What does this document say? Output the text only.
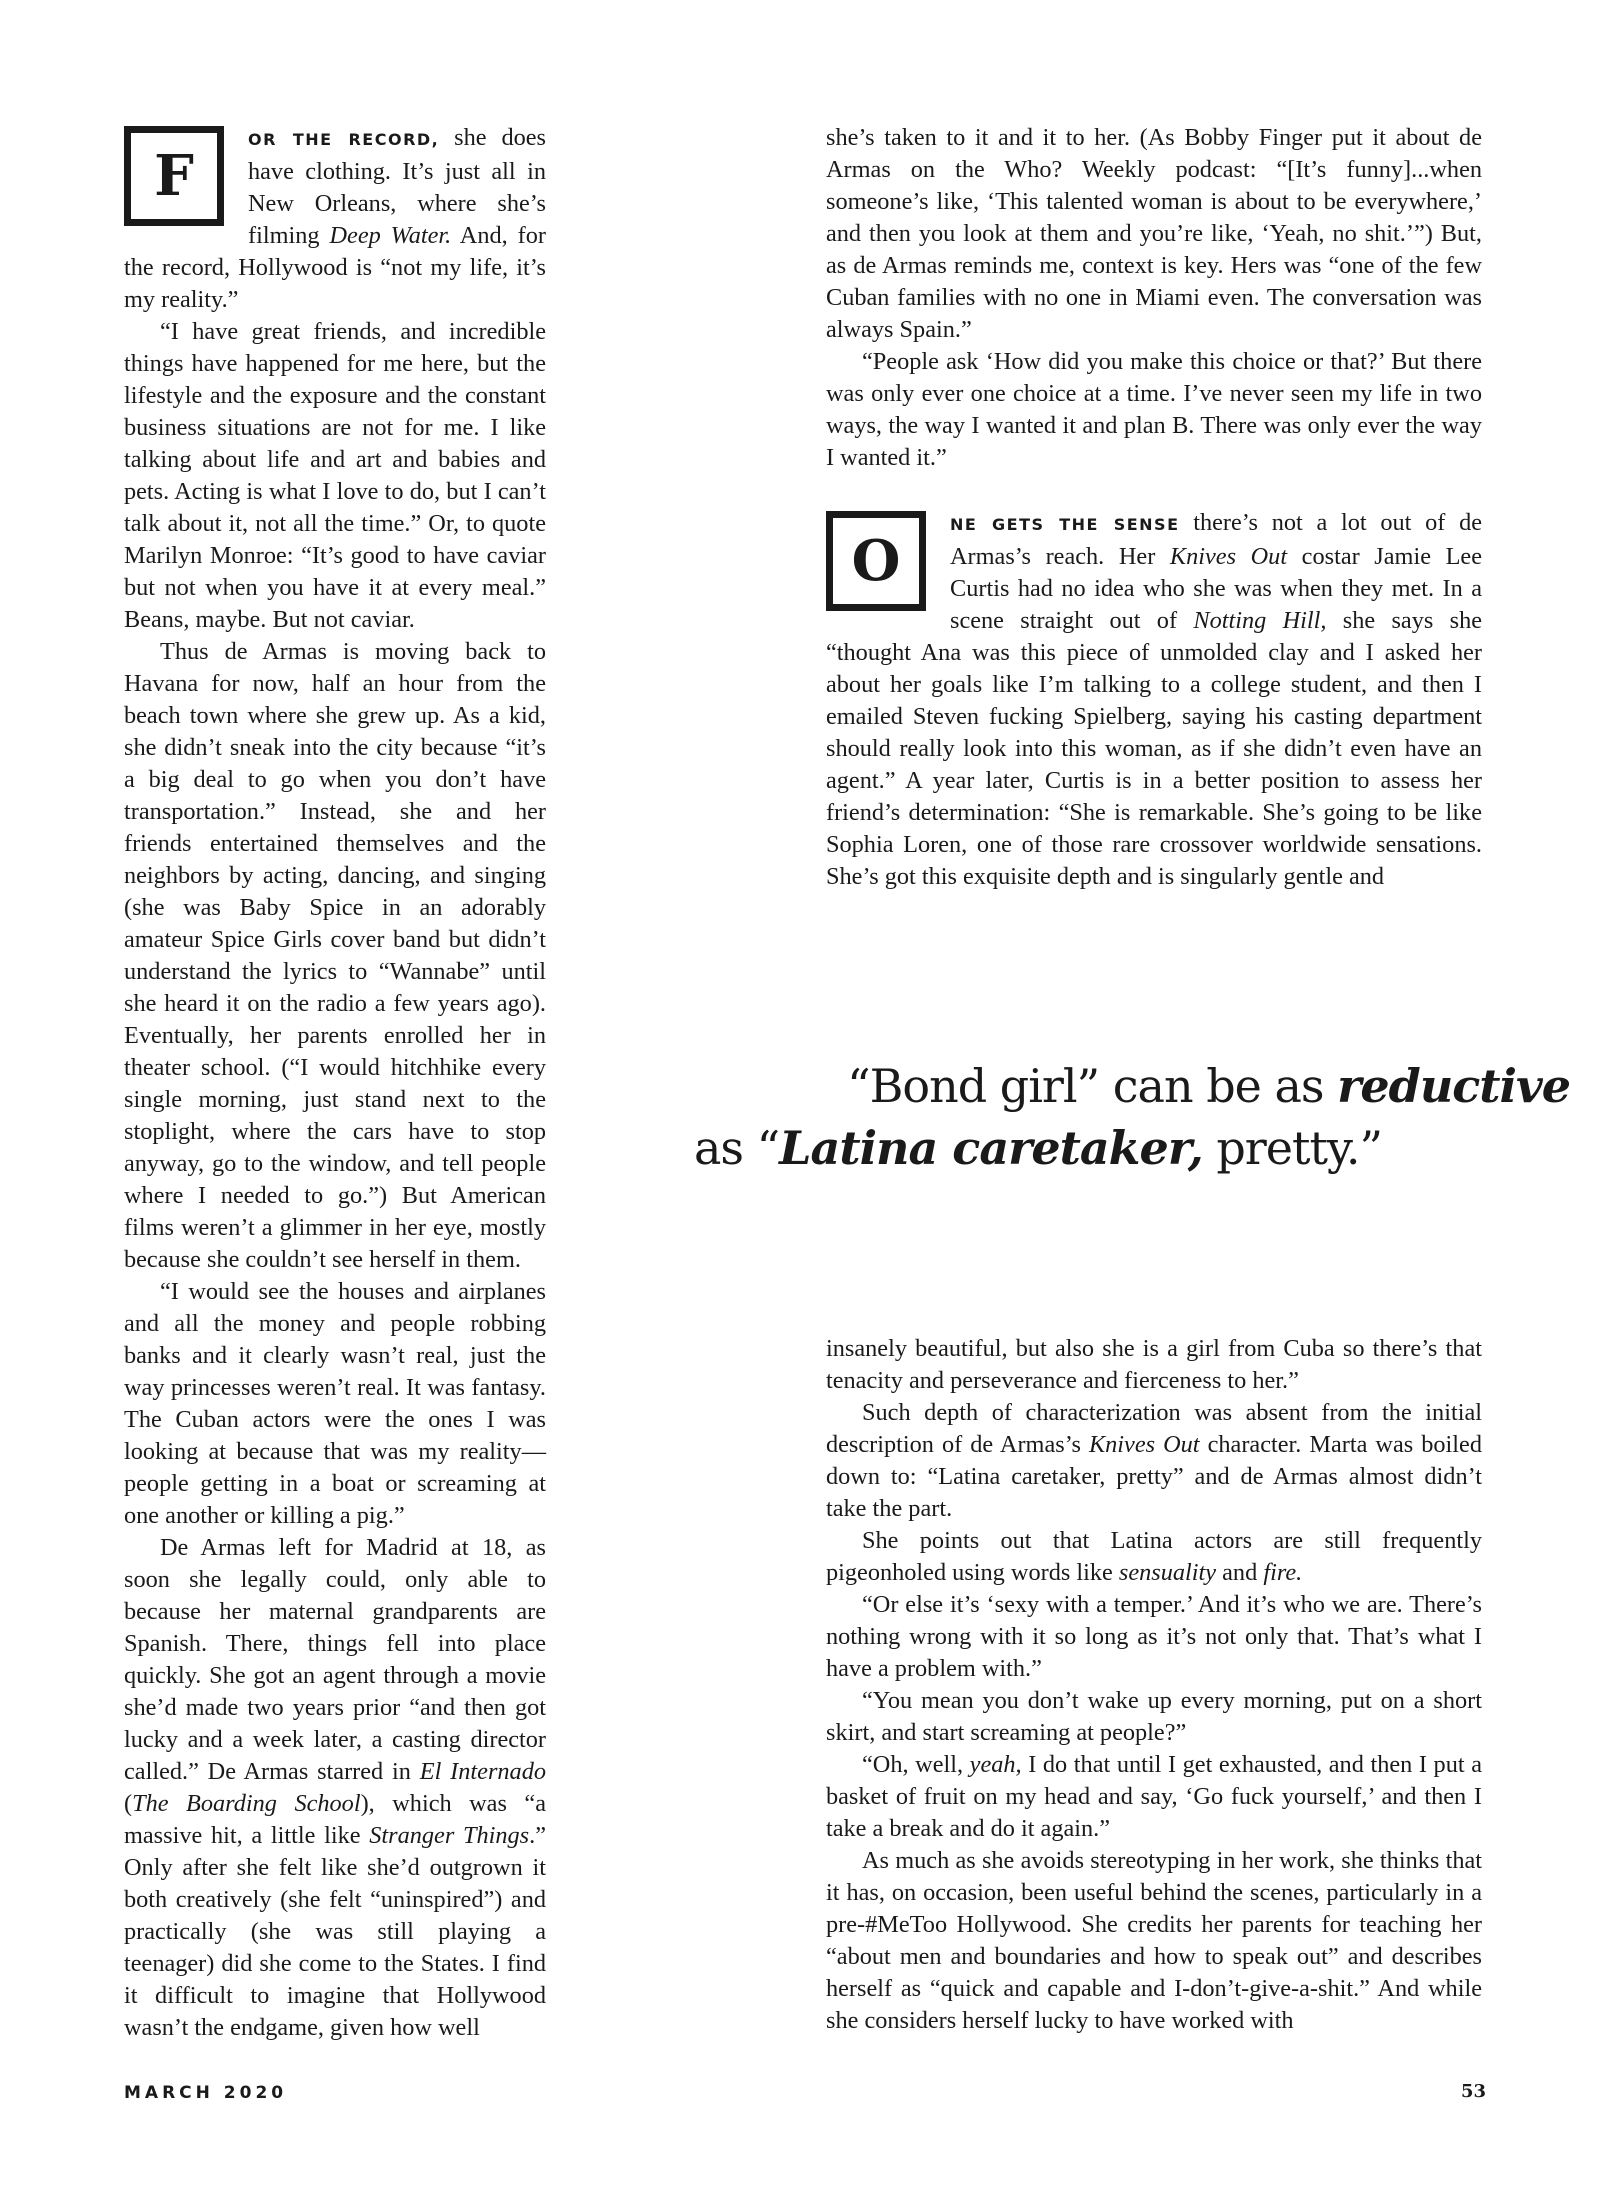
F

OR THE RECORD, she does have clothing. It’s just all in New Orleans, where she’s filming Deep Water. And, for the record, Hollywood is “not my life, it’s my reality.”

“I have great friends, and incredible things have happened for me here, but the lifestyle and the exposure and the constant business situations are not for me. I like talking about life and art and babies and pets. Acting is what I love to do, but I can’t talk about it, not all the time.” Or, to quote Marilyn Monroe: “It’s good to have caviar but not when you have it at every meal.” Beans, maybe. But not caviar.

Thus de Armas is moving back to Havana for now, half an hour from the beach town where she grew up. As a kid, she didn’t sneak into the city because “it’s a big deal to go when you don’t have transportation.” Instead, she and her friends entertained themselves and the neighbors by acting, dancing, and singing (she was Baby Spice in an adorably amateur Spice Girls cover band but didn’t understand the lyrics to “Wannabe” until she heard it on the radio a few years ago). Eventually, her parents enrolled her in theater school. (“I would hitchhike every single morning, just stand next to the stoplight, where the cars have to stop anyway, go to the window, and tell people where I needed to go.”) But American films weren’t a glimmer in her eye, mostly because she couldn’t see herself in them.

“I would see the houses and airplanes and all the money and people robbing banks and it clearly wasn’t real, just the way princesses weren’t real. It was fantasy. The Cuban actors were the ones I was looking at because that was my reality—people getting in a boat or screaming at one another or killing a pig.”

De Armas left for Madrid at 18, as soon she legally could, only able to because her maternal grandparents are Spanish. There, things fell into place quickly. She got an agent through a movie she’d made two years prior “and then got lucky and a week later, a casting director called.” De Armas starred in El Internado (The Boarding School), which was “a massive hit, a little like Stranger Things.” Only after she felt like she’d outgrown it both creatively (she felt “uninspired”) and practically (she was still playing a teenager) did she come to the States. I find it difficult to imagine that Hollywood wasn’t the endgame, given how well

she’s taken to it and it to her. (As Bobby Finger put it about de Armas on the Who? Weekly podcast: “[It’s funny]...when someone’s like, ‘This talented woman is about to be everywhere,’ and then you look at them and you’re like, ‘Yeah, no shit.’”) But, as de Armas reminds me, context is key. Hers was “one of the few Cuban families with no one in Miami even. The conversation was always Spain.”

“People ask ‘How did you make this choice or that?’ But there was only ever one choice at a time. I’ve never seen my life in two ways, the way I wanted it and plan B. There was only ever the way I wanted it.”

O

NE GETS THE SENSE there’s not a lot out of de Armas’s reach. Her Knives Out costar Jamie Lee Curtis had no idea who she was when they met. In a scene straight out of Notting Hill, she says she “thought Ana was this piece of unmolded clay and I asked her about her goals like I’m talking to a college student, and then I emailed Steven fucking Spielberg, saying his casting department should really look into this woman, as if she didn’t even have an agent.” A year later, Curtis is in a better position to assess her friend’s determination: “She is remarkable. She’s going to be like Sophia Loren, one of those rare crossover worldwide sensations. She’s got this exquisite depth and is singularly gentle and

“Bond girl” can be as reductive
as “Latina caretaker, pretty.”

insanely beautiful, but also she is a girl from Cuba so there’s that tenacity and perseverance and fierceness to her.”

Such depth of characterization was absent from the initial description of de Armas’s Knives Out character. Marta was boiled down to: “Latina caretaker, pretty” and de Armas almost didn’t take the part.

She points out that Latina actors are still frequently pigeonholed using words like sensuality and fire.

“Or else it’s ‘sexy with a temper.’ And it’s who we are. There’s nothing wrong with it so long as it’s not only that. That’s what I have a problem with.”

“You mean you don’t wake up every morning, put on a short skirt, and start screaming at people?”

“Oh, well, yeah, I do that until I get exhausted, and then I put a basket of fruit on my head and say, ‘Go fuck yourself,’ and then I take a break and do it again.”

As much as she avoids stereotyping in her work, she thinks that it has, on occasion, been useful behind the scenes, particularly in a pre-#MeToo Hollywood. She credits her parents for teaching her “about men and boundaries and how to speak out” and describes herself as “quick and capable and I-don’t-give-a-shit.” And while she considers herself lucky to have worked with

MARCH 2020	53
